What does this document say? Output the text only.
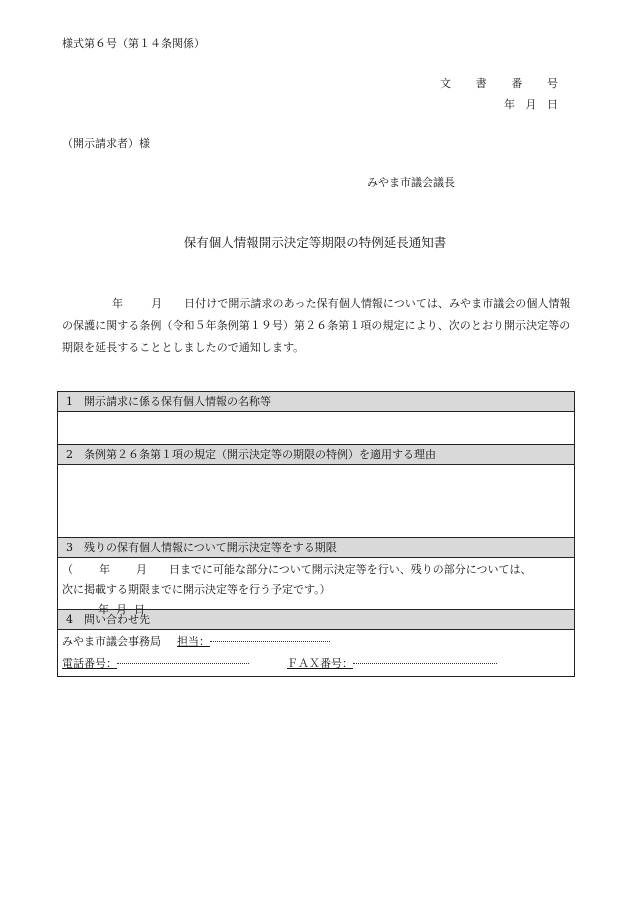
様式第６号（第１４条関係）
文 書 番 号
年 月 日
（開示請求者）様
みやま市議会議長
保有個人情報開示決定等期限の特例延長通知書
年	月 日付けで開示請求のあった保有個人情報については、みやま市議会の個人情報の保護に関する条例（令和５年条例第１９号）第２６条第１項の規定により、次のとおり開示決定等の期限を延長することとしましたので通知します。
1　開示請求に係る保有個人情報の名称等
2　条例第２６条第１項の規定（開示決定等の期限の特例）を適用する理由
3　残りの保有個人情報について開示決定等をする期限
（ 年 月 日までに可能な部分について開示決定等を行い、残りの部分については、
次に掲載する期限までに開示決定等を行う予定です。）
年 月 日
4　問い合わせ先
みやま市議会事務局 担当：
電話番号：	ＦＡＸ番号：
